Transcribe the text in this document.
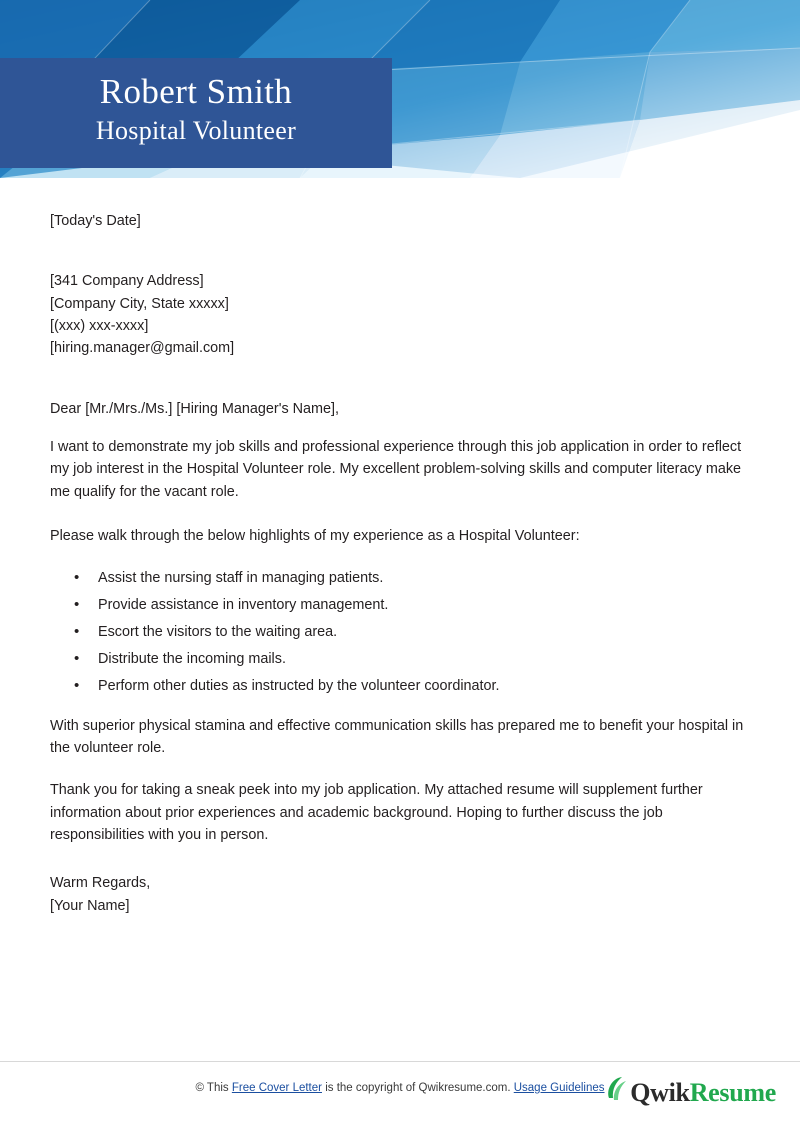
Robert Smith
Hospital Volunteer
[Today's Date]
[341 Company Address]
[Company City, State xxxxx]
[(xxx) xxx-xxxx]
[hiring.manager@gmail.com]
Dear [Mr./Mrs./Ms.] [Hiring Manager's Name],
I want to demonstrate my job skills and professional experience through this job application in order to reflect my job interest in the Hospital Volunteer role. My excellent problem-solving skills and computer literacy make me qualify for the vacant role.
Please walk through the below highlights of my experience as a Hospital Volunteer:
• Assist the nursing staff in managing patients.
• Provide assistance in inventory management.
• Escort the visitors to the waiting area.
• Distribute the incoming mails.
• Perform other duties as instructed by the volunteer coordinator.
With superior physical stamina and effective communication skills has prepared me to benefit your hospital in the volunteer role.
Thank you for taking a sneak peek into my job application. My attached resume will supplement further information about prior experiences and academic background. Hoping to further discuss the job responsibilities with you in person.
Warm Regards,
[Your Name]
© This Free Cover Letter is the copyright of Qwikresume.com. Usage Guidelines Qwik Resume
